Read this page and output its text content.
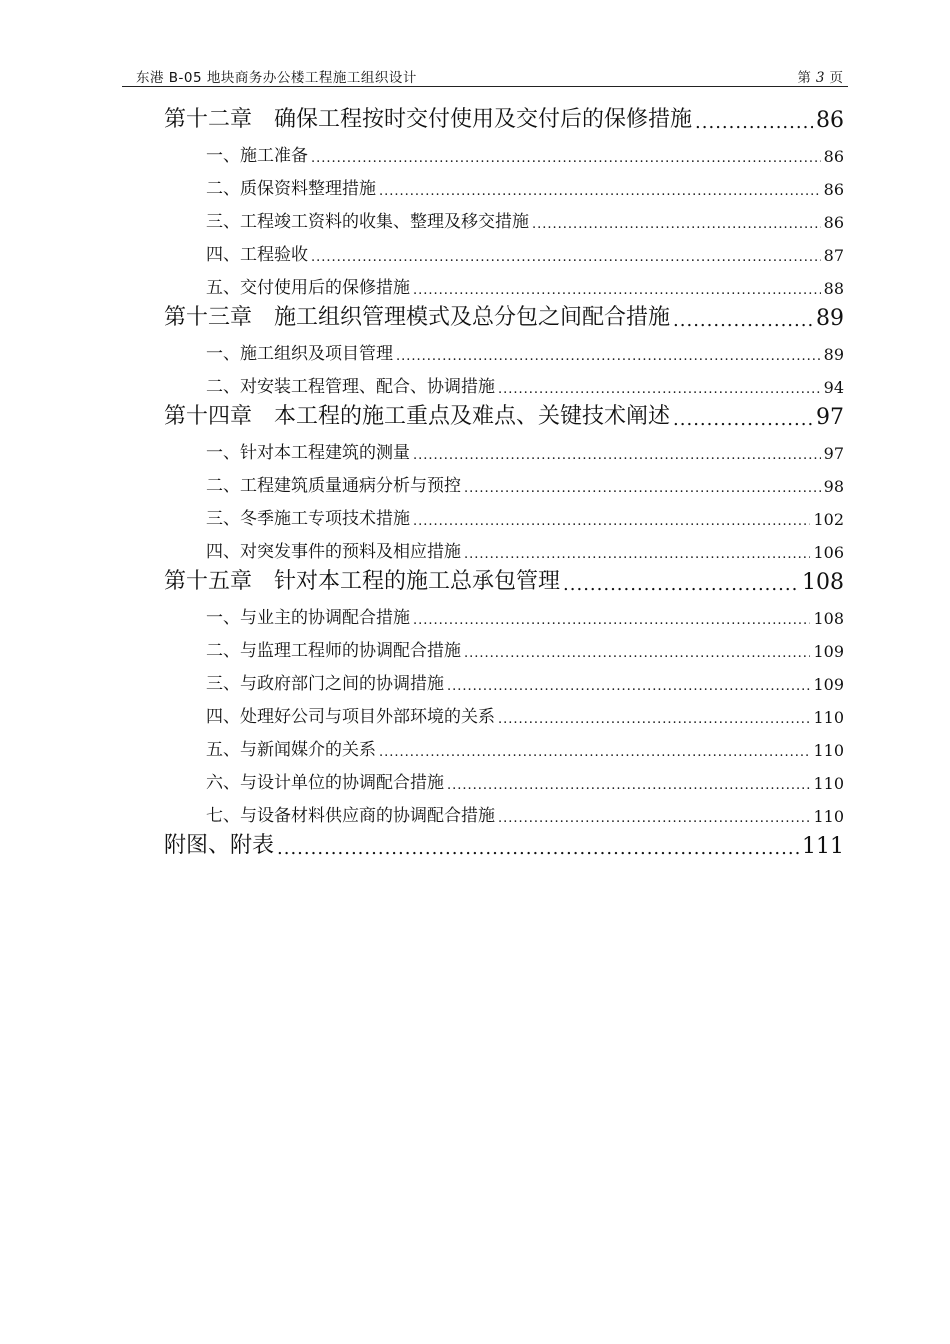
东港 B-05 地块商务办公楼工程施工组织设计	第 3 页
第十二章 确保工程按时交付使用及交付后的保修措施 .....	86
一、施工准备 .....	86
二、质保资料整理措施 .....	86
三、工程竣工资料的收集、整理及移交措施 .....	86
四、工程验收 .....	87
五、交付使用后的保修措施 .....	88
第十三章 施工组织管理模式及总分包之间配合措施 .....	89
一、施工组织及项目管理 .....	89
二、对安装工程管理、配合、协调措施 .....	94
第十四章 本工程的施工重点及难点、关键技术阐述 .....	97
一、针对本工程建筑的测量 .....	97
二、工程建筑质量通病分析与预控 .....	98
三、冬季施工专项技术措施 .....	102
四、对突发事件的预料及相应措施 .....	106
第十五章 针对本工程的施工总承包管理 .....	108
一、与业主的协调配合措施 .....	108
二、与监理工程师的协调配合措施 .....	109
三、与政府部门之间的协调措施 .....	109
四、处理好公司与项目外部环境的关系 .....	110
五、与新闻媒介的关系 .....	110
六、与设计单位的协调配合措施 .....	110
七、与设备材料供应商的协调配合措施 .....	110
附图、附表 .....	111
